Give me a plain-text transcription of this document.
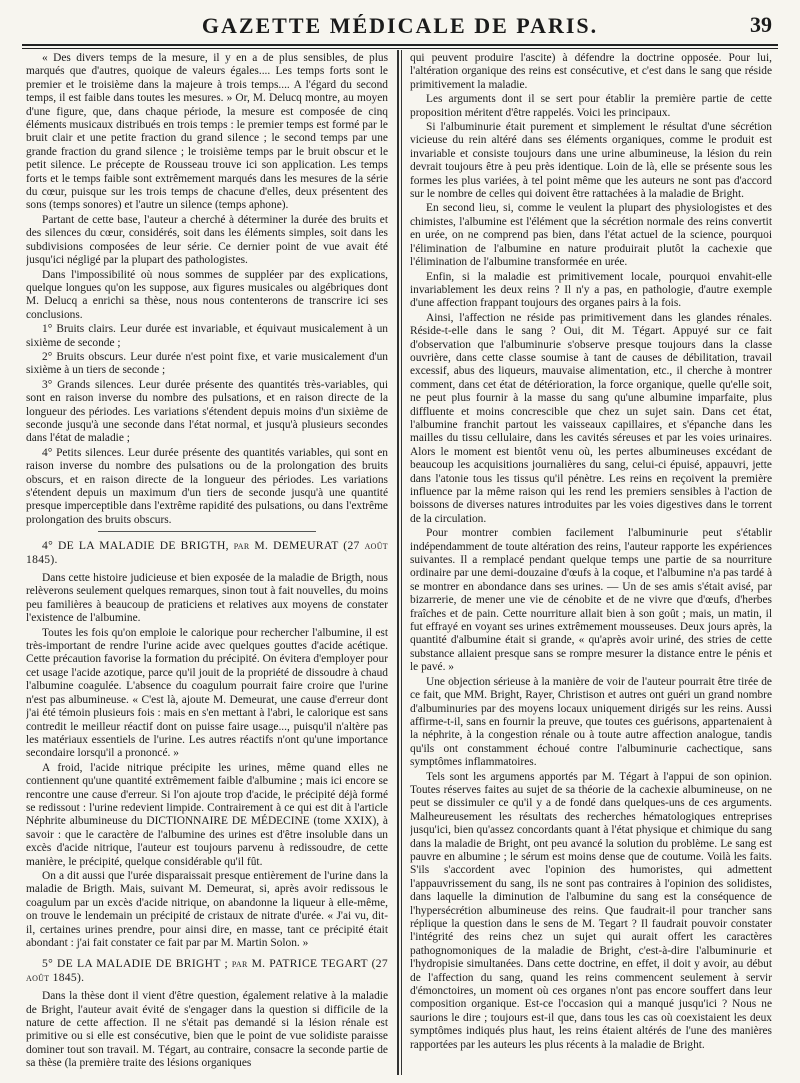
GAZETTE MÉDICALE DE PARIS.	39

« Des divers temps de la mesure, il y en a de plus sensibles, de plus marqués que d'autres, quoique de valeurs égales.... Les temps forts sont le premier et le troisième dans la majeure à trois temps.... A l'égard du second temps, il est faible dans toutes les mesures. » Or, M. Delucq montre, au moyen d'une figure, que, dans chaque période, la mesure est composée de cinq éléments musicaux distribués en trois temps : le premier temps est formé par le bruit clair et une petite fraction du grand silence ; le second temps par une grande fraction du grand silence ; le troisième temps par le bruit obscur et le petit silence. Le précepte de Rousseau trouve ici son application. Les temps forts et le temps faible sont extrêmement marqués dans les mesures de la série du cœur, puisque sur les trois temps de chacune d'elles, deux présentent des sons (temps sonores) et l'autre un silence (temps aphone).

Partant de cette base, l'auteur a cherché à déterminer la durée des bruits et des silences du cœur, considérés, soit dans les éléments simples, soit dans les subdivisions composées de leur série. Ce dernier point de vue avait été jusqu'ici négligé par la plupart des pathologistes.

Dans l'impossibilité où nous sommes de suppléer par des explications, quelque longues qu'on les suppose, aux figures musicales ou algébriques dont M. Delucq a enrichi sa thèse, nous nous contenterons de transcrire ici ses conclusions.

1° Bruits clairs. Leur durée est invariable, et équivaut musicalement à un sixième de seconde ;

2° Bruits obscurs. Leur durée n'est point fixe, et varie musicalement d'un sixième à un tiers de seconde ;

3° Grands silences. Leur durée présente des quantités très-variables, qui sont en raison inverse du nombre des pulsations, et en raison directe de la longueur des périodes. Les variations s'étendent depuis moins d'un sixième de seconde jusqu'à une seconde dans l'état normal, et jusqu'à plusieurs secondes dans l'état de maladie ;

4° Petits silences. Leur durée présente des quantités variables, qui sont en raison inverse du nombre des pulsations ou de la prolongation des bruits obscurs, et en raison directe de la longueur des périodes. Les variations s'étendent depuis un maximum d'un tiers de seconde jusqu'à une quantité presque imperceptible dans l'extrême rapidité des pulsations, ou dans l'extrême prolongation des bruits obscurs.

4° DE LA MALADIE DE BRIGTH, par M. DEMEURAT (27 août 1845).

Dans cette histoire judicieuse et bien exposée de la maladie de Brigth, nous relèverons seulement quelques remarques, sinon tout à fait nouvelles, du moins peu familières à beaucoup de praticiens et relatives aux moyens de constater l'existence de l'albumine.

Toutes les fois qu'on emploie le calorique pour rechercher l'albumine, il est très-important de rendre l'urine acide avec quelques gouttes d'acide acétique. Cette précaution favorise la formation du précipité. On évitera d'employer pour cet usage l'acide azotique, parce qu'il jouit de la propriété de dissoudre à chaud l'albumine coagulée. L'absence du coagulum pourrait faire croire que l'urine n'est pas albumineuse. « C'est là, ajoute M. Demeurat, une cause d'erreur dont j'ai été témoin plusieurs fois : mais en s'en mettant à l'abri, le calorique est sans contredit le meilleur réactif dont on puisse faire usage..., puisqu'il n'altère pas les matériaux essentiels de l'urine. Les autres réactifs n'ont qu'une importance secondaire lorsqu'il a prononcé. »

A froid, l'acide nitrique précipite les urines, même quand elles ne contiennent qu'une quantité extrêmement faible d'albumine ; mais ici encore se rencontre une cause d'erreur. Si l'on ajoute trop d'acide, le précipité déjà formé se redissout : l'urine redevient limpide. Contrairement à ce qui est dit à l'article Néphrite albumineuse du DICTIONNAIRE DE MÉDECINE (tome XXIX), à savoir : que le caractère de l'albumine des urines est d'être insoluble dans un excès d'acide nitrique, l'auteur est toujours parvenu à redissoudre, de cette manière, le précipité, quelque considérable qu'il fût.

On a dit aussi que l'urée disparaissait presque entièrement de l'urine dans la maladie de Brigth. Mais, suivant M. Demeurat, si, après avoir redissous le coagulum par un excès d'acide nitrique, on abandonne la liqueur à elle-même, on trouve le lendemain un précipité de cristaux de nitrate d'urée. « J'ai vu, dit-il, certaines urines prendre, pour ainsi dire, en masse, tant ce précipité était abondant : j'ai fait constater ce fait par par M. Martin Solon. »

5° DE LA MALADIE DE BRIGHT ; par M. PATRICE TEGART (27 août 1845).

Dans la thèse dont il vient d'être question, également relative à la maladie de Bright, l'auteur avait évité de s'engager dans la question si difficile de la nature de cette affection. Il ne s'était pas demandé si la lésion rénale est primitive ou si elle est consécutive, bien que le point de vue solidiste paraisse dominer tout son travail. M. Tégart, au contraire, consacre la seconde partie de sa thèse (la première traite des lésions organiques

qui peuvent produire l'ascite) à défendre la doctrine opposée. Pour lui, l'altération organique des reins est consécutive, et c'est dans le sang que réside primitivement la maladie.

Les arguments dont il se sert pour établir la première partie de cette proposition méritent d'être rappelés. Voici les principaux.

Si l'albuminurie était purement et simplement le résultat d'une sécrétion vicieuse du rein altéré dans ses éléments organiques, comme le produit est invariable et consiste toujours dans une urine albumineuse, la lésion du rein devrait toujours être à peu près identique. Loin de là, elle se présente sous les formes les plus variées, à tel point même que les auteurs ne sont pas d'accord sur le nombre de celles qui doivent être rattachées à la maladie de Bright.

En second lieu, si, comme le veulent la plupart des physiologistes et des chimistes, l'albumine est l'élément que la sécrétion normale des reins convertit en urée, on ne comprend pas bien, dans l'état actuel de la science, pourquoi l'élimination de l'albumine en nature produirait plutôt la cachexie que l'élimination de l'albumine transformée en urée.

Enfin, si la maladie est primitivement locale, pourquoi envahit-elle invariablement les deux reins ? Il n'y a pas, en pathologie, d'autre exemple d'une affection frappant toujours des organes pairs à la fois.

Ainsi, l'affection ne réside pas primitivement dans les glandes rénales. Réside-t-elle dans le sang ? Oui, dit M. Tégart. Appuyé sur ce fait d'observation que l'albuminurie s'observe presque toujours dans la classe ouvrière, dans cette classe soumise à tant de causes de débilitation, travail excessif, abus des liqueurs, mauvaise alimentation, etc., il cherche à montrer comment, dans cet état de détérioration, la force organique, quelle qu'elle soit, ne peut plus fournir à la masse du sang qu'une albumine imparfaite, plus diffluente et moins concrescible que chez un sujet sain. Dans cet état, l'albumine franchit partout les vaisseaux capillaires, et s'épanche dans les mailles du tissu cellulaire, dans les cavités séreuses et par les voies urinaires. Alors le moment est bientôt venu où, les pertes albumineuses excédant de beaucoup les acquisitions journalières du sang, celui-ci épuisé, appauvri, jette dans l'atonie tous les tissus qu'il pénètre. Les reins en reçoivent la première influence par la même raison qui les rend les premiers sensibles à l'action de boissons de diverses natures introduites par les voies digestives dans le torrent de la circulation.

Pour montrer combien facilement l'albuminurie peut s'établir indépendamment de toute altération des reins, l'auteur rapporte les expériences suivantes. Il a remplacé pendant quelque temps une partie de sa nourriture ordinaire par une demi-douzaine d'œufs à la coque, et l'albumine n'a pas tardé à se montrer en abondance dans ses urines. — Un de ses amis s'était avisé, par bizarrerie, de mener une vie de cénobite et de ne vivre que d'œufs, d'herbes fraîches et de pain. Cette nourriture allait bien à son goût ; mais, un matin, il fut effrayé en voyant ses urines extrêmement mousseuses. Deux jours après, la quantité d'albumine était si grande, « qu'après avoir uriné, des stries de cette substance allaient presque sans se rompre mesurer la distance entre le pénis et le pavé. »

Une objection sérieuse à la manière de voir de l'auteur pourrait être tirée de ce fait, que MM. Bright, Rayer, Christison et autres ont guéri un grand nombre d'albuminuries par des moyens locaux uniquement dirigés sur les reins. Aussi affirme-t-il, sans en fournir la preuve, que toutes ces guérisons, appartenaient à la néphrite, à la congestion rénale ou à toute autre affection analogue, tandis qu'ils ont constamment échoué contre l'albuminurie cachectique, sans symptômes inflammatoires.

Tels sont les argumens apportés par M. Tégart à l'appui de son opinion. Toutes réserves faites au sujet de sa théorie de la cachexie albumineuse, on ne peut se dissimuler ce qu'il y a de fondé dans quelques-uns de ces arguments. Malheureusement les résultats des recherches hématologiques entreprises jusqu'ici, bien qu'assez concordants quant à l'état physique et chimique du sang dans la maladie de Bright, ont peu avancé la solution du problème. Le sang est pauvre en albumine ; le sérum est moins dense que de coutume. Voilà les faits. S'ils s'accordent avec l'opinion des humoristes, qui admettent l'appauvrissement du sang, ils ne sont pas contraires à l'opinion des solidistes, dans laquelle la diminution de l'albumine du sang est la conséquence de l'hypersécrétion albumineuse des reins. Que faudrait-il pour trancher sans réplique la question dans le sens de M. Tegart ? Il faudrait pouvoir constater l'intégrité des reins chez un sujet qui aurait offert les caractères pathognomoniques de la maladie de Bright, c'est-à-dire l'albuminurie et l'hydropisie simultanées. Dans cette doctrine, en effet, il doit y avoir, au début de l'affection du sang, quand les reins commencent seulement à servir d'émonctoires, un moment où ces organes n'ont pas encore souffert dans leur composition organique. Est-ce l'occasion qui a manqué jusqu'ici ? Nous ne saurions le dire ; toujours est-il que, dans tous les cas où coexistaient les deux symptômes indiqués plus haut, les reins étaient altérés de l'une des manières rapportées par les auteurs les plus récents à la maladie de Bright.
